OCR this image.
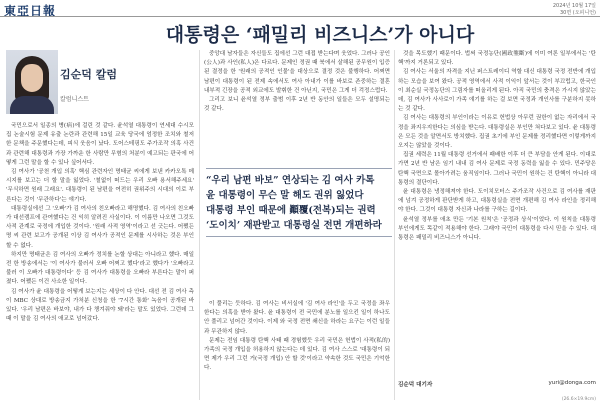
東亞日報	2024년 10월 17일
30면 (오피니언)
대통령은 ‘패밀리 비즈니스’가 아니다
김순덕 칼럼
칼럼니스트

국민으로서 일종의 병(病)에 걸린 것 같다. 윤석열 대통령이 연세대 수시모집 논술시험 문제 유출 논란과 관련해 15일 교육 당국에 엄정한 조치와 철저한 문책을 주문했다는데, 피식 웃음이 났다. 도어스테핑도 주가조작 의혹 사건과 관련해 대통령과 가장 가까운 한 사람만 무혐의 처분이 예고되는 판국에 어떻게 그런 말을 할 수 있나 싶어서다.

김 여사가 '공천 개입 의혹' 핵심 관련자인 명태균 씨에게 보낸 카카오톡 메시지를 보고는 더 할 말을 잃었다. '철없이 떠드는 우리 오빠 용서해주세요' '무식하면 원래 그래요'. 대통령이 된 남편을 여전히 권위주의 시대의 이로 부른다는 것이 '무관하다'는 얘기다.

대통령실에선 그 '오빠'가 김 여사의 친오빠라고 해명했다. 김 여사의 친오빠가 대선캠프에 관여했다는 건 익히 알려진 사실이다. 이 이름만 나오면 그것도 사적 관계로 국정에 개입한 것이다. '원래 사적 영역'이라고 선 긋는다. 어쨌든 명 씨 관련 보고가 공개된 이상 김 여사가 공적인 문제를 시사하는 것은 부인할 수 없다.

하지만 명태균은 김 여사의 오빠가 정치를 논할 상대는 아니라고 했다. 매일 전 한 방송에서는 '이 여사가 불러서 오빠 어쩌고 했다'라고 했다가 '오빠라고 불러 이 오빠가 대통령이다' 등 김 여사가 대통령을 오빠라 부른다는 말이 퍼졌다. 어쨌든 이건 사소한 일이다.

김 여사가 윤 대통령을 어떻게 보는지는 세상이 다 안다. 대선 전 김 여사 측이 MBC 상대로 방송금지 가처분 신청을 한 '7시간 통화' 녹음이 공개된 바 있다. '우리 남편은 바보야, 내가 다 챙겨줘야 돼'라는 말도 있었다. 그런데 그때 이 말을 김 여사의 애교로 넘어갔다.

중앙대 남자들은 자신들도 집에선 그런 대접 받는다며 웃었다. 그러나 공인(公人)과 사인(私人)은 다르다. 문제인 정권 때 북에서 살해된 공무원이 입증된 결정을 한 '원래의 공적인 인물'을 대상으로 결정 것은 불행하다. 어쩌면 남편이 대통령이 된 전제 속에서도 여사 아내가 이를 바보로 존중하는 결혼 내부적 긴장을 공적 외교에도 발휘한 건 아닌지, 국민은 그게 더 걱정스럽다.

그리고 보니 윤석열 정부 출범 이후 2년 반 동안의 일들은 모두 설명되는 것 같다.

“우리 남편 바보” 연상되는 김 여사 카톡
윤 대통령이 무슨 말 해도 권위 잃었다
대통령 부인 때문에 顚覆(전복)되는 권력
‘도이치’ 재판받고 대통령실 전면 개편하라

이 풀리는 듯하다. 김 여사는 비서실에 '김 여사 라인'을 두고 국정을 좌우한다는 의혹을 받아 왔다. 윤 대통령이 전 국민에 분노를 일으킨 일이 하나도 안 풀리고 넘어간 것이다. 이제 와 국정 전면 쇄신을 하라는 요구는 이런 일들과 무관하지 않다.

문제는 전임 대통령 탄핵 사태 때 경험했듯 우리 국민은 헌법이 사적(私的) 가족의 국정 개입을 허용하지 않는다는 데 있다. 김 여사 스스로 '대통령이 되면 제가 우리 그런 거(국정 개입) 안 할 것'이라고 약속한 것도 국민은 기억한다.

것을 목도했기 때문이다. 법써 국정농단(國政壟斷)에 이미 여론 일부에서는 '탄핵'까지 거론되고 있다.

김 여사는 서울의 자격을 지닌 퍼스트레이디 역할 대신 대통령 국정 전반에 개입하는 모습을 보여 왔다. 공적 영역에서 사적 이익이 앞서는 것이 부끄럽고, 한국인이 최순실 국정농단의 그림자를 떠올리게 된다. 아직 국민의 충격은 가시지 않았는데, 김 여사가 사사로이 가족 얘기를 하는 걸 보면 국정과 개인사를 구분하지 못하는 것 같다.

김 여사는 대통령의 부인이라는 이유로 헌법상 아무런 권한이 없는 자리에서 국정을 좌지우지한다는 의심을 받는다. 대통령실은 부인만 쳐다보고 있다. 윤 대통령은 모든 것을 알면서도 방치했다. 집권 초기에 부인 문제를 정리했다면 이렇게까지 오지는 않았을 것이다.

집권 세력은 11월 대통령 선거에서 패배한 이후 더 큰 부담을 안게 된다. 이대로 가면 2년 반 남은 임기 내내 김 여사 문제로 국정 동력을 잃을 수 있다. 민주당은 탄핵 국면으로 몰아가려는 움직임이다. 그러나 국민이 원하는 건 탄핵이 아니라 대통령의 결단이다.

윤 대통령은 냉정해져야 한다. 도이치모터스 주가조작 사건으로 김 여사를 재판에 넘겨 공정하게 판단받게 하고, 대통령실을 전면 개편해 김 여사 라인을 정리해야 한다. 그것이 대통령 자신과 나라를 구하는 길이다.

윤석열 정부를 애초 만든 '기본 원칙'은 '공정과 상식'이었다. 이 원칙을 대통령 부인에게도 똑같이 적용해야 한다. 그래야 국민이 대통령을 다시 믿을 수 있다. 대통령은 패밀리 비즈니스가 아니다.

김순덕 대기자	yuri@donga.com
(26.6×19.9cm)
